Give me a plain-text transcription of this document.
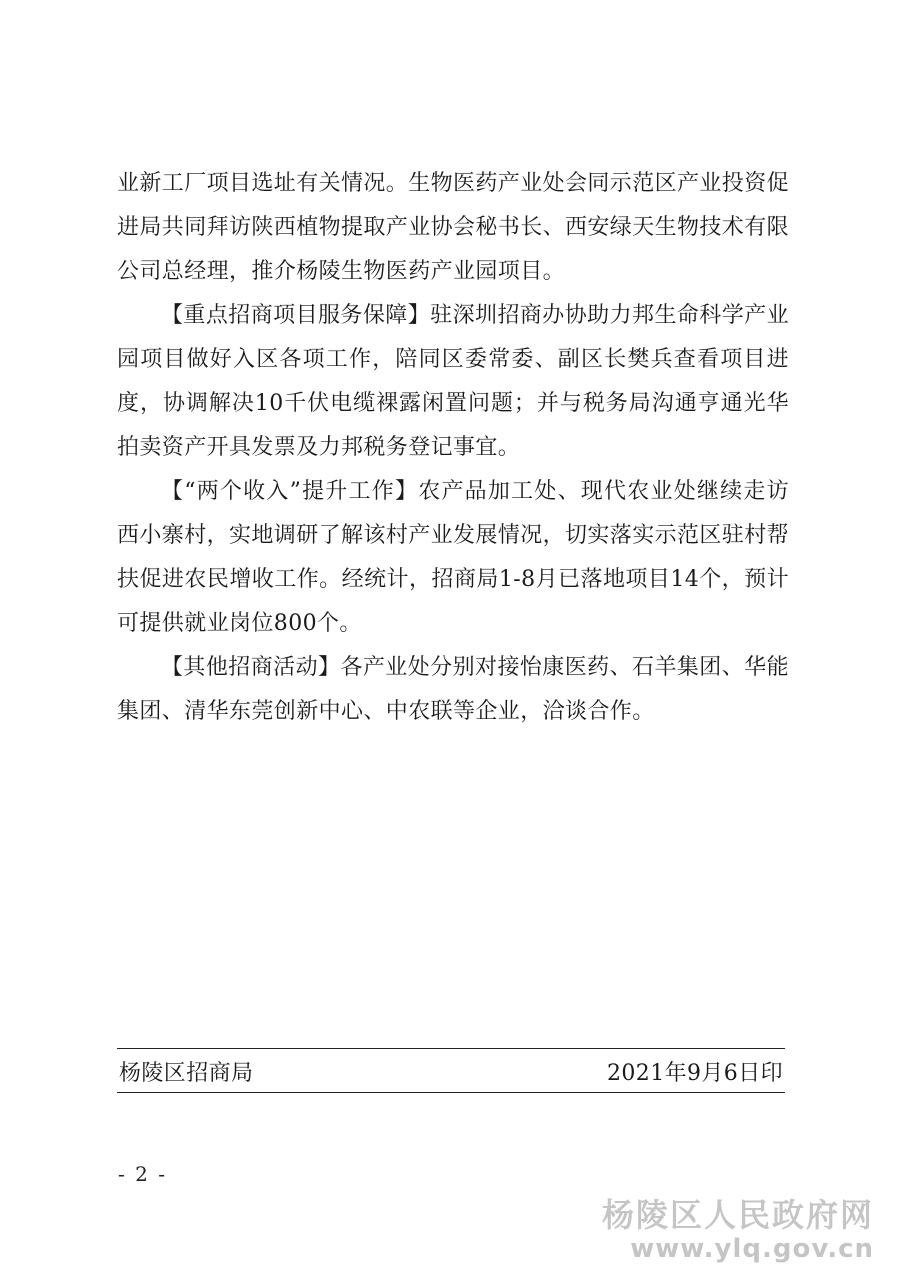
业新工厂项目选址有关情况。生物医药产业处会同示范区产业投资促进局共同拜访陕西植物提取产业协会秘书长、西安绿天生物技术有限公司总经理，推介杨陵生物医药产业园项目。

【重点招商项目服务保障】驻深圳招商办协助力邦生命科学产业园项目做好入区各项工作，陪同区委常委、副区长樊兵查看项目进度，协调解决10千伏电缆裸露闲置问题；并与税务局沟通亨通光华拍卖资产开具发票及力邦税务登记事宜。

【“两个收入”提升工作】农产品加工处、现代农业处继续走访西小寨村，实地调研了解该村产业发展情况，切实落实示范区驻村帮扶促进农民增收工作。经统计，招商局1-8月已落地项目14个，预计可提供就业岗位800个。

【其他招商活动】各产业处分别对接怡康医药、石羊集团、华能集团、清华东莞创新中心、中农联等企业，洽谈合作。

杨陵区招商局	2021年9月6日印
- 2 -
杨陵区人民政府网
www.ylq.gov.cn
